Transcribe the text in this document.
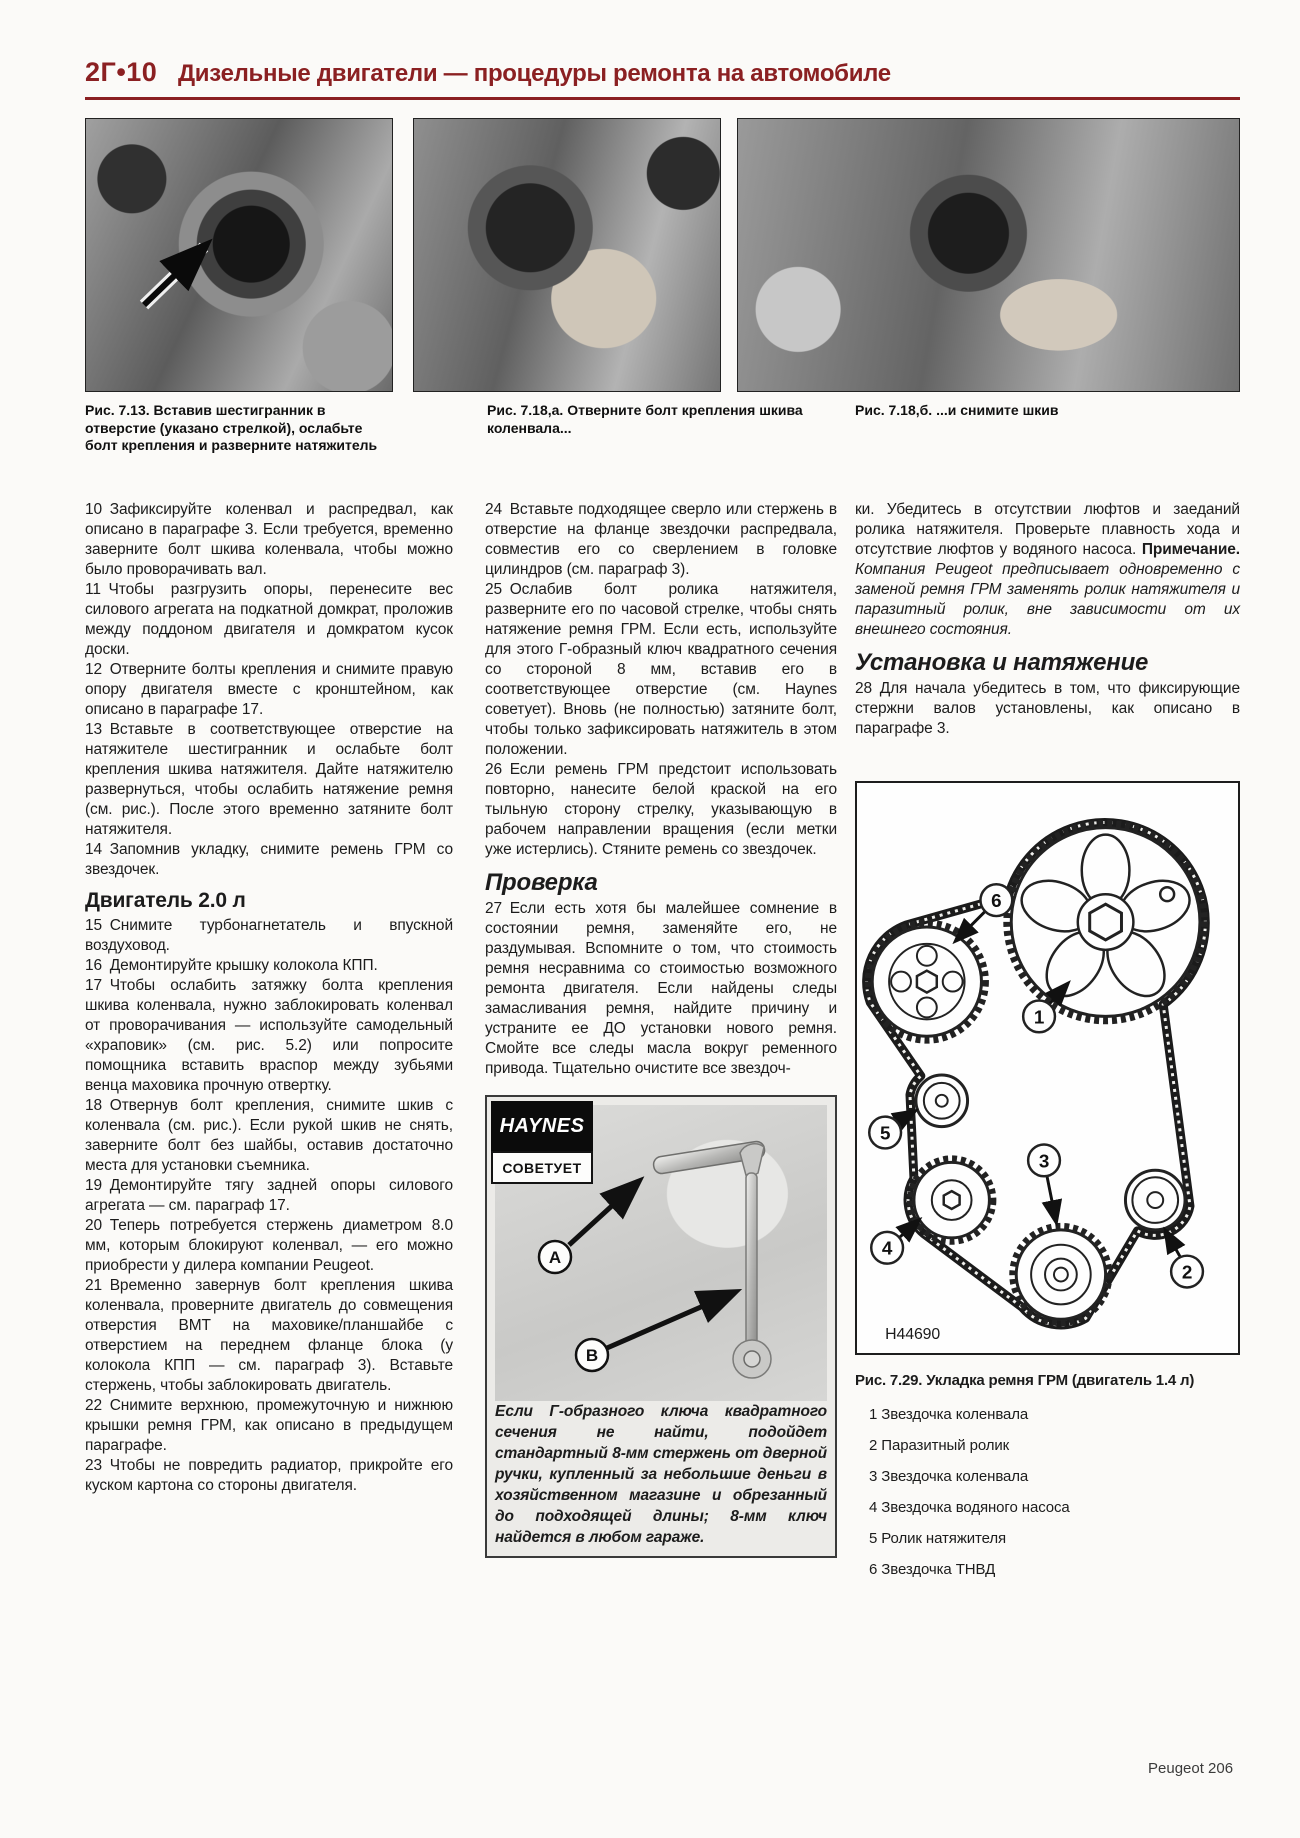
2Г•10 Дизельные двигатели — процедуры ремонта на автомобиле
Рис. 7.13. Вставив шестигранник в отверстие (указано стрелкой), ослабьте болт крепления и разверните натяжитель
Рис. 7.18,а. Отверните болт крепления шкива коленвала...
Рис. 7.18,б. ...и снимите шкив

10 Зафиксируйте коленвал и распредвал, как описано в параграфе 3. Если требуется, временно заверните болт шкива коленвала, чтобы можно было проворачивать вал.

11 Чтобы разгрузить опоры, перенесите вес силового агрегата на подкатной домкрат, проложив между поддоном двигателя и домкратом кусок доски.

12 Отверните болты крепления и снимите правую опору двигателя вместе с кронштейном, как описано в параграфе 17.

13 Вставьте в соответствующее отверстие на натяжителе шестигранник и ослабьте болт крепления шкива натяжителя. Дайте натяжителю развернуться, чтобы ослабить натяжение ремня (см. рис.). После этого временно затяните болт натяжителя.

14 Запомнив укладку, снимите ремень ГРМ со звездочек.

Двигатель 2.0 л

15 Снимите турбонагнетатель и впускной воздуховод.

16 Демонтируйте крышку колокола КПП.

17 Чтобы ослабить затяжку болта крепления шкива коленвала, нужно заблокировать коленвал от проворачивания — используйте самодельный «храповик» (см. рис. 5.2) или попросите помощника вставить враспор между зубьями венца маховика прочную отвертку.

18 Отвернув болт крепления, снимите шкив с коленвала (см. рис.). Если рукой шкив не снять, заверните болт без шайбы, оставив достаточно места для установки съемника.

19 Демонтируйте тягу задней опоры силового агрегата — см. параграф 17.

20 Теперь потребуется стержень диаметром 8.0 мм, которым блокируют коленвал, — его можно приобрести у дилера компании Peugeot.

21 Временно завернув болт крепления шкива коленвала, проверните двигатель до совмещения отверстия ВМТ на маховике/планшайбе с отверстием на переднем фланце блока (у колокола КПП — см. параграф 3). Вставьте стержень, чтобы заблокировать двигатель.

22 Снимите верхнюю, промежуточную и нижнюю крышки ремня ГРМ, как описано в предыдущем параграфе.

23 Чтобы не повредить радиатор, прикройте его куском картона со стороны двигателя.

24 Вставьте подходящее сверло или стержень в отверстие на фланце звездочки распредвала, совместив его со сверлением в головке цилиндров (см. параграф 3).

25 Ослабив болт ролика натяжителя, разверните его по часовой стрелке, чтобы снять натяжение ремня ГРМ. Если есть, используйте для этого Г-образный ключ квадратного сечения со стороной 8 мм, вставив его в соответствующее отверстие (см. Haynes советует). Вновь (не полностью) затяните болт, чтобы только зафиксировать натяжитель в этом положении.

26 Если ремень ГРМ предстоит использовать повторно, нанесите белой краской на его тыльную сторону стрелку, указывающую в рабочем направлении вращения (если метки уже истерлись). Стяните ремень со звездочек.

Проверка

27 Если есть хотя бы малейшее сомнение в состоянии ремня, заменяйте его, не раздумывая. Вспомните о том, что стоимость ремня несравнима со стоимостью возможного ремонта двигателя. Если найдены следы замасливания ремня, найдите причину и устраните ее ДО установки нового ремня. Смойте все следы масла вокруг ременного привода. Тщательно очистите все звездоч-

A
B
HAYNES
СОВЕТУЕТ

Если Г-образного ключа квадратного сечения не найти, подойдет стандартный 8-мм стержень от дверной ручки, купленный за небольшие деньги в хозяйственном магазине и обрезанный до подходящей длины; 8-мм ключ найдется в любом гараже.

ки. Убедитесь в отсутствии люфтов и заеданий ролика натяжителя. Проверьте плавность хода и отсутствие люфтов у водяного насоса. Примечание. Компания Peugeot предписывает одновременно с заменой ремня ГРМ заменять ролик натяжителя и паразитный ролик, вне зависимости от их внешнего состояния.

Установка и натяжение

28 Для начала убедитесь в том, что фиксирующие стержни валов установлены, как описано в параграфе 3.

6
1
5
2
3
4
H44690
Рис. 7.29. Укладка ремня ГРМ (двигатель 1.4 л)
1 Звездочка коленвала
2 Паразитный ролик
3 Звездочка коленвала
4 Звездочка водяного насоса
5 Ролик натяжителя
6 Звездочка ТНВД
Peugeot 206
